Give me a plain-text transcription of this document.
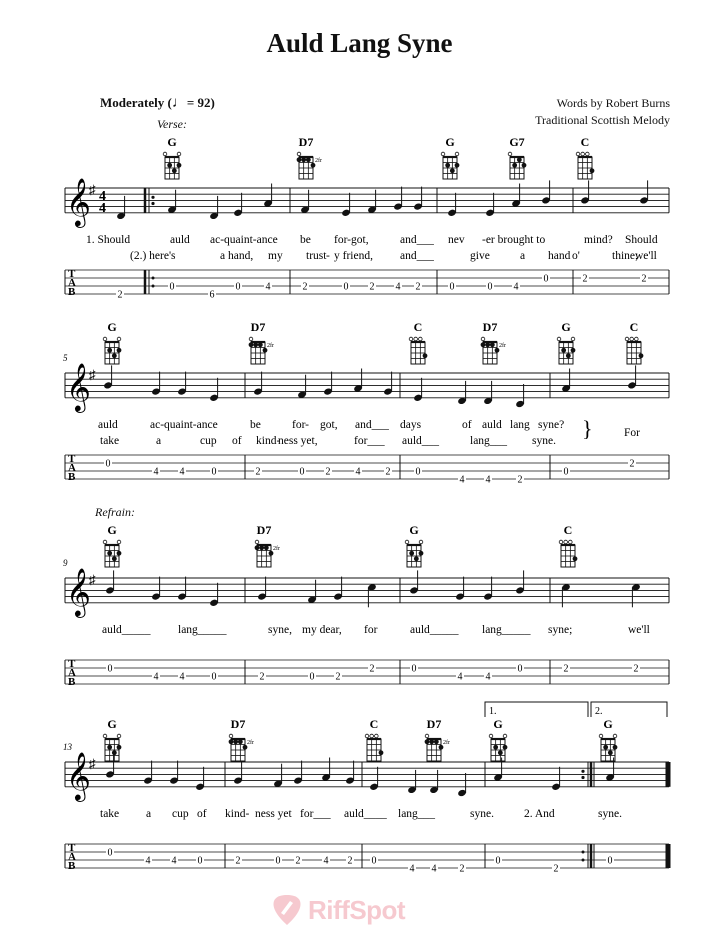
Auld Lang Syne
Moderately (♩= 92)	Words by Robert Burns
Traditional Scottish Melody
Verse:
Refrain:
G	D7
2fr
G	G7	C
𝄞
♯ 4
4
1. Should	auld ac-quaint-ance be for-got,	and___ nev -er brought to	mind? Should
(2.) here's	a hand, my trust - y friend, and___	give	a hand o'	thine;
we'll
T
A
B	2
0
6
0	4	2	0 2 4 2	0	0 4
0	2	2
G	D7
2fr
C	D7
2fr
G	C
𝄞
♯
5
auld	ac-quaint-ance	be	for- got, and___ days	of auld lang syne?
take	a	cup of kind-
ness yet,	for___ auld___	lang___ syne. }	For
T
A
B
0
4 4	0	2	0 2	4	2	0
4 4	2
0
2
G	D7
2fr
G	C
𝄞
♯
9
auld_____ lang_____	syne, my dear, for	auld_____ lang_____ syne;	we'll
T
A
B
0
4 4	0	2	0 2
2	0
4 4
0	2	2
1.	2.
G	D7
2fr
C	D7
2fr
G	G
𝄞
♯
13
take a cup of kind- ness yet for___ auld____ lang___	syne.	2. And	syne.
T
A
B
0
4 4 0	2	0 2 4 2 0
4 4 2
0
2
0
RiffSpot
